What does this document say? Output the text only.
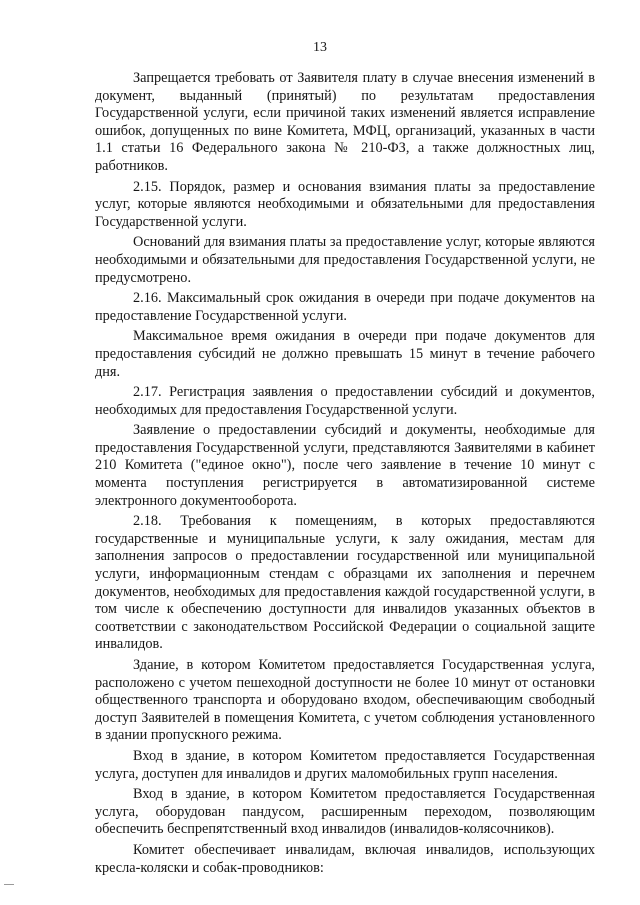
13

Запрещается требовать от Заявителя плату в случае внесения изменений в документ, выданный (принятый) по результатам предоставления Государственной услуги, если причиной таких изменений является исправление ошибок, допущенных по вине Комитета, МФЦ, организаций, указанных в части 1.1 статьи 16 Федерального закона № 210-ФЗ, а также должностных лиц, работников.

2.15. Порядок, размер и основания взимания платы за предоставление услуг, которые являются необходимыми и обязательными для предоставления Государственной услуги.

Оснований для взимания платы за предоставление услуг, которые являются необходимыми и обязательными для предоставления Государственной услуги, не предусмотрено.

2.16. Максимальный срок ожидания в очереди при подаче документов на предоставление Государственной услуги.

Максимальное время ожидания в очереди при подаче документов для предоставления субсидий не должно превышать 15 минут в течение рабочего дня.

2.17. Регистрация заявления о предоставлении субсидий и документов, необходимых для предоставления Государственной услуги.

Заявление о предоставлении субсидий и документы, необходимые для предоставления Государственной услуги, представляются Заявителями в кабинет 210 Комитета ("единое окно"), после чего заявление в течение 10 минут с момента поступления регистрируется в автоматизированной системе электронного документооборота.

2.18. Требования к помещениям, в которых предоставляются государственные и муниципальные услуги, к залу ожидания, местам для заполнения запросов о предоставлении государственной или муниципальной услуги, информационным стендам с образцами их заполнения и перечнем документов, необходимых для предоставления каждой государственной услуги, в том числе к обеспечению доступности для инвалидов указанных объектов в соответствии с законодательством Российской Федерации о социальной защите инвалидов.

Здание, в котором Комитетом предоставляется Государственная услуга, расположено с учетом пешеходной доступности не более 10 минут от остановки общественного транспорта и оборудовано входом, обеспечивающим свободный доступ Заявителей в помещения Комитета, с учетом соблюдения установленного в здании пропускного режима.

Вход в здание, в котором Комитетом предоставляется Государственная услуга, доступен для инвалидов и других маломобильных групп населения.

Вход в здание, в котором Комитетом предоставляется Государственная услуга, оборудован пандусом, расширенным переходом, позволяющим обеспечить беспрепятственный вход инвалидов (инвалидов-колясочников).

Комитет обеспечивает инвалидам, включая инвалидов, использующих кресла-коляски и собак-проводников:
